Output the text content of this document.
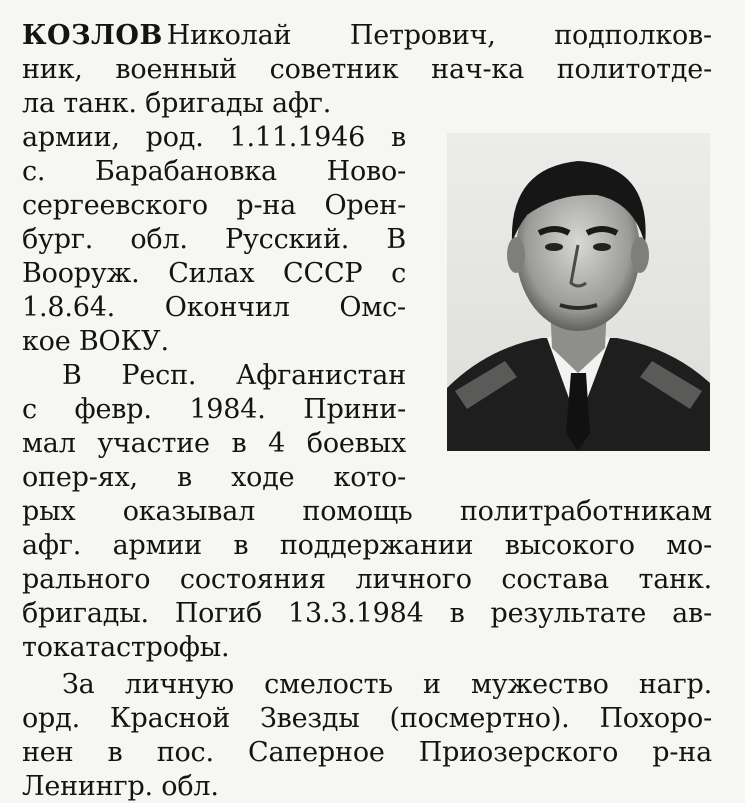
КОЗЛОВ Николай Петрович, подполков-
ник, военный советник нач-ка политотде-
ла танк. бригады афг.
армии, род. 1.11.1946 в
с. Барабановка Ново-
сергеевского р-на Орен-
бург. обл. Русский. В
Вооруж. Силах СССР с
1.8.64. Окончил Омс-
кое ВОКУ.
В Респ. Афганистан
с февр. 1984. Прини-
мал участие в 4 боевых
опер-ях, в ходе кото-
рых оказывал помощь политработникам
афг. армии в поддержании высокого мо-
рального состояния личного состава танк.
бригады. Погиб 13.3.1984 в результате ав-
токатастрофы.
За личную смелость и мужество нагр.
орд. Красной Звезды (посмертно). Похоро-
нен в пос. Саперное Приозерского р-на
Ленингр. обл.
